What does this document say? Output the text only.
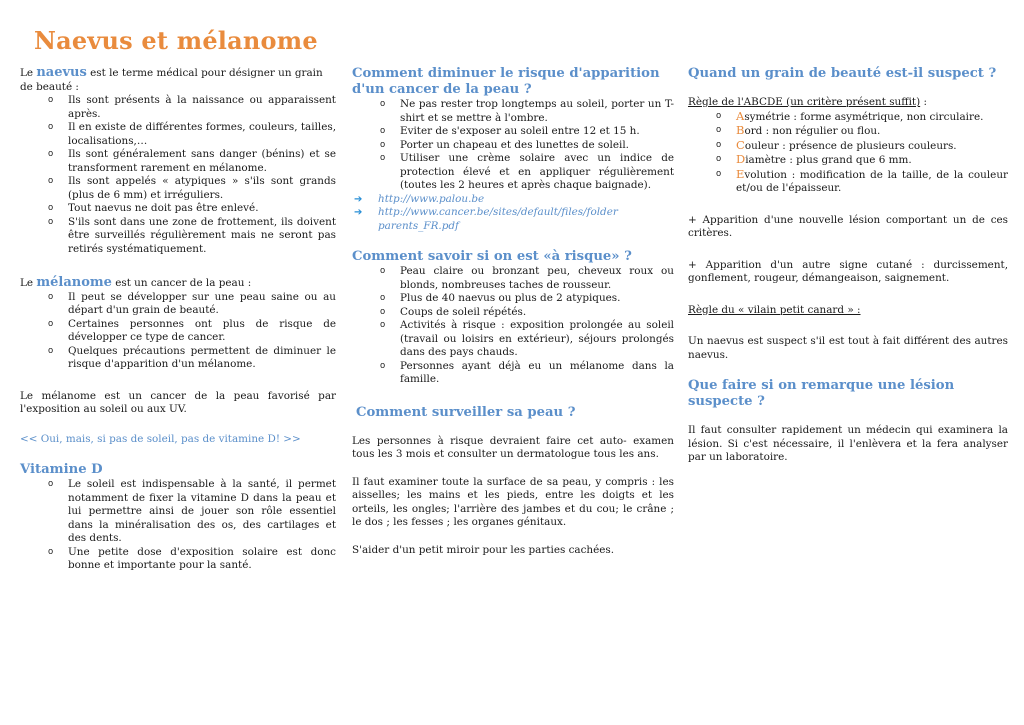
Naevus et mélanome

Le naevus est le terme médical pour désigner un grain de beauté :

o Ils sont présents à la naissance ou apparaissent après.
o Il en existe de différentes formes, couleurs, tailles, localisations,…
o Ils sont généralement sans danger (bénins) et se transforment rarement en mélanome.
o Ils sont appelés « atypiques » s'ils sont grands (plus de 6 mm) et irréguliers.
o Tout naevus ne doit pas être enlevé.
o S'ils sont dans une zone de frottement, ils doivent être surveillés régulièrement mais ne seront pas retirés systématiquement.

Le mélanome est un cancer de la peau :

o Il peut se développer sur une peau saine ou au départ d'un grain de beauté.
o Certaines personnes ont plus de risque de développer ce type de cancer.
o Quelques précautions permettent de diminuer le risque d'apparition d'un mélanome.

Le mélanome est un cancer de la peau favorisé par l'exposition au soleil ou aux UV.

<< Oui, mais, si pas de soleil, pas de vitamine D! >>

Vitamine D
o Le soleil est indispensable à la santé, il permet notamment de fixer la vitamine D dans la peau et lui permettre ainsi de jouer son rôle essentiel dans la minéralisation des os, des cartilages et des dents.
o Une petite dose d'exposition solaire est donc bonne et importante pour la santé.
Comment diminuer le risque d'apparition d'un cancer de la peau ?
o Ne pas rester trop longtemps au soleil, porter un T-shirt et se mettre à l'ombre.
o Eviter de s'exposer au soleil entre 12 et 15 h.
o Porter un chapeau et des lunettes de soleil.
o Utiliser une crème solaire avec un indice de protection élevé et en appliquer régulièrement (toutes les 2 heures et après chaque baignade).
➔ http://www.palou.be
➔ http://www.cancer.be/sites/default/files/folder parents_FR.pdf
Comment savoir si on est «à risque» ?
o Peau claire ou bronzant peu, cheveux roux ou blonds, nombreuses taches de rousseur.
o Plus de 40 naevus ou plus de 2 atypiques.
o Coups de soleil répétés.
o Activités à risque : exposition prolongée au soleil (travail ou loisirs en extérieur), séjours prolongés dans des pays chauds.
o Personnes ayant déjà eu un mélanome dans la famille.
Comment surveiller sa peau ?

Les personnes à risque devraient faire cet auto- examen tous les 3 mois et consulter un dermatologue tous les ans.

Il faut examiner toute la surface de sa peau, y compris : les aisselles; les mains et les pieds, entre les doigts et les orteils, les ongles; l'arrière des jambes et du cou; le crâne ; le dos ; les fesses ; les organes génitaux.

S'aider d'un petit miroir pour les parties cachées.

Quand un grain de beauté est-il suspect ?

Règle de l'ABCDE (un critère présent suffit) :

o Asymétrie : forme asymétrique, non circulaire.
o Bord : non régulier ou flou.
o Couleur : présence de plusieurs couleurs.
o Diamètre : plus grand que 6 mm.
o Evolution : modification de la taille, de la couleur et/ou de l'épaisseur.

+ Apparition d'une nouvelle lésion comportant un de ces critères.

+ Apparition d'un autre signe cutané : durcissement, gonflement, rougeur, démangeaison, saignement.

Règle du « vilain petit canard » :

Un naevus est suspect s'il est tout à fait différent des autres naevus.

Que faire si on remarque une lésion suspecte ?

Il faut consulter rapidement un médecin qui examinera la lésion. Si c'est nécessaire, il l'enlèvera et la fera analyser par un laboratoire.
